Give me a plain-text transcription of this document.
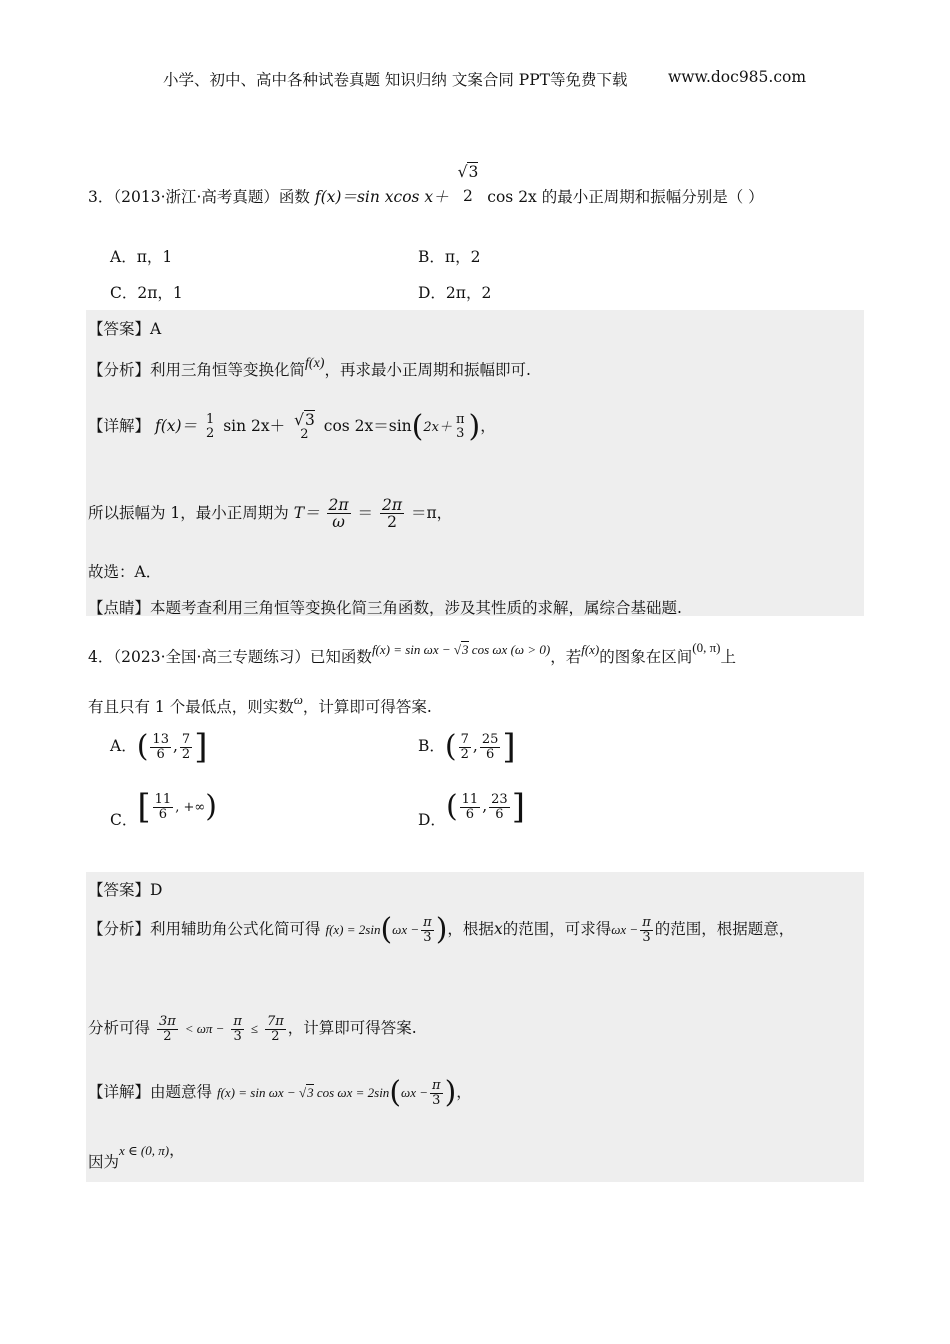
小学、初中、高中各种试卷真题 知识归纳 文案合同 PPT等免费下载	www.doc985.com
3．（2013·浙江·高考真题）函数 f(x)＝sin xcos x＋
√3
2 cos 2x 的最小正周期和振幅分别是（ ）
A．π，1	B．π，2
C．2π，1	D．2π，2
【答案】A
【分析】利用三角恒等变换化简f(x)，再求最小正周期和振幅即可.
【详解】 f(x)＝ 1
2 sin 2x＋ √3
2 cos 2x＝sin(2x＋
π
3 )，
所以振幅为 1，最小正周期为 $T= \frac{2\pi}{\omega} = \frac{2\pi}{2} =\pi$，
故选：A．
【点睛】本题考查利用三角恒等变换化简三角函数，涉及其性质的求解，属综合基础题.
4．（2023·全国·高三专题练习）已知函数$^{f(x) = sin \omega x - √3 cos \omega x (\omega > 0)}$，若$^{f(x)}$的图象在区间$^{(0, \pi)}$上
有且只有 1 个最低点，则实数$^\omega$，计算即可得答案.
A．( $\frac{13}{6}$ , $\frac{7}{2}$ ]	B．( $\frac{7}{2}$ , $\frac{25}{6}$ ]
C．[ $\frac{11}{6}$ , +∞)	D．( $\frac{11}{6}$ , $\frac{23}{6}$ ]
【答案】D
【分析】利用辅助角公式化简可得 $f(x) = 2\sin(\omega x - \frac{\pi}{3}$ )，根据x的范围，可求得$\omega x - \frac{\pi}{3}$ 的范围，根据题意，
分析可得 $\frac{3\pi}{2} < \omega\pi - \frac{\pi}{3} \le \frac{7\pi}{2}$ ，计算即可得答案.
【详解】由题意得 f(x) = sin ωx − √3 $\cos \omega x = 2\sin(\omega x - \frac{\pi}{3}$ )，
因为x ∈ (0, π)，
